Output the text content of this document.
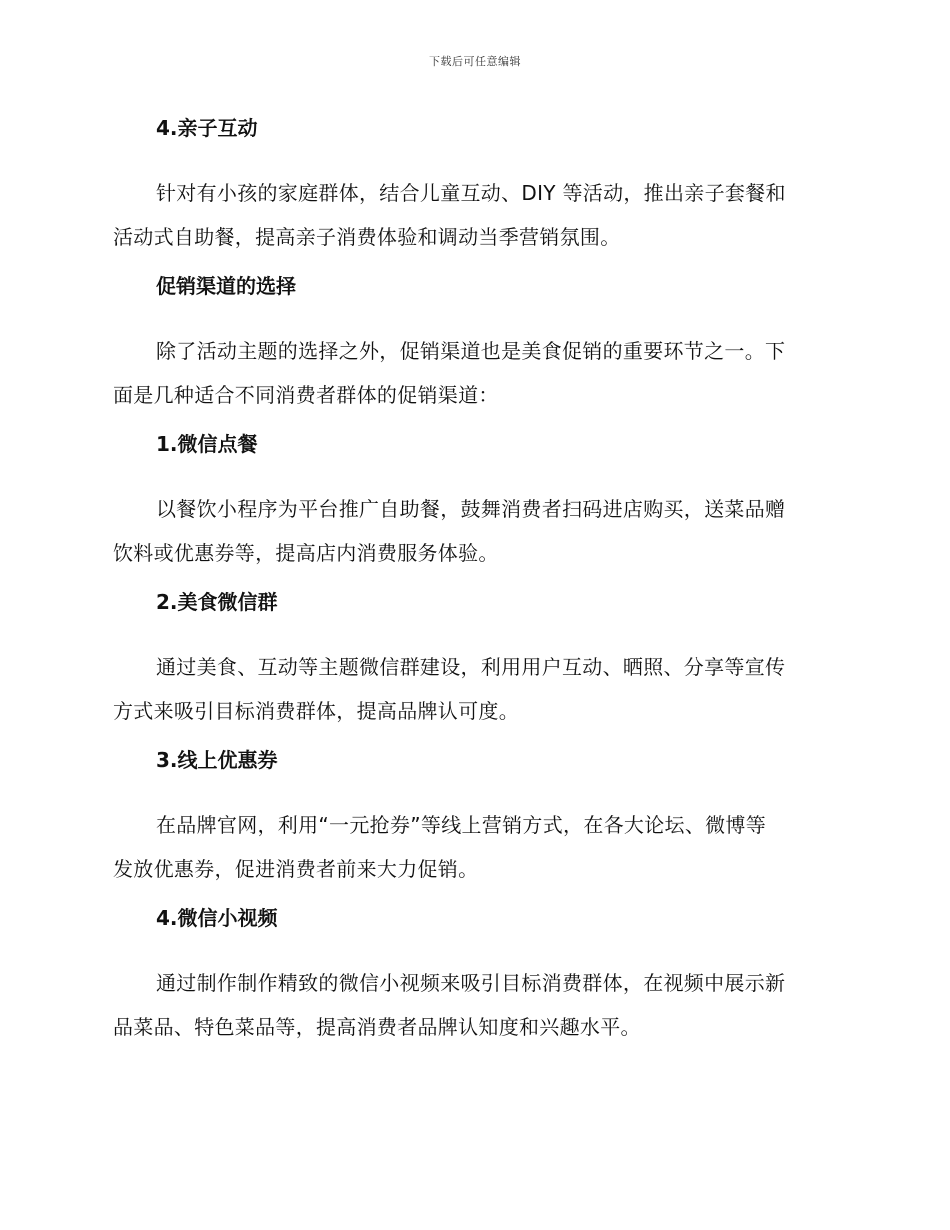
下载后可任意编辑
4.亲子互动

针对有小孩的家庭群体，结合儿童互动、DIY 等活动，推出亲子套餐和
活动式自助餐，提高亲子消费体验和调动当季营销氛围。

促销渠道的选择

除了活动主题的选择之外，促销渠道也是美食促销的重要环节之一。下
面是几种适合不同消费者群体的促销渠道：

1.微信点餐

以餐饮小程序为平台推广自助餐，鼓舞消费者扫码进店购买，送菜品赠
饮料或优惠券等，提高店内消费服务体验。

2.美食微信群

通过美食、互动等主题微信群建设，利用用户互动、晒照、分享等宣传
方式来吸引目标消费群体，提高品牌认可度。

3.线上优惠券

在品牌官网，利用“一元抢券”等线上营销方式，在各大论坛、微博等
发放优惠券，促进消费者前来大力促销。

4.微信小视频

通过制作制作精致的微信小视频来吸引目标消费群体，在视频中展示新
品菜品、特色菜品等，提高消费者品牌认知度和兴趣水平。
